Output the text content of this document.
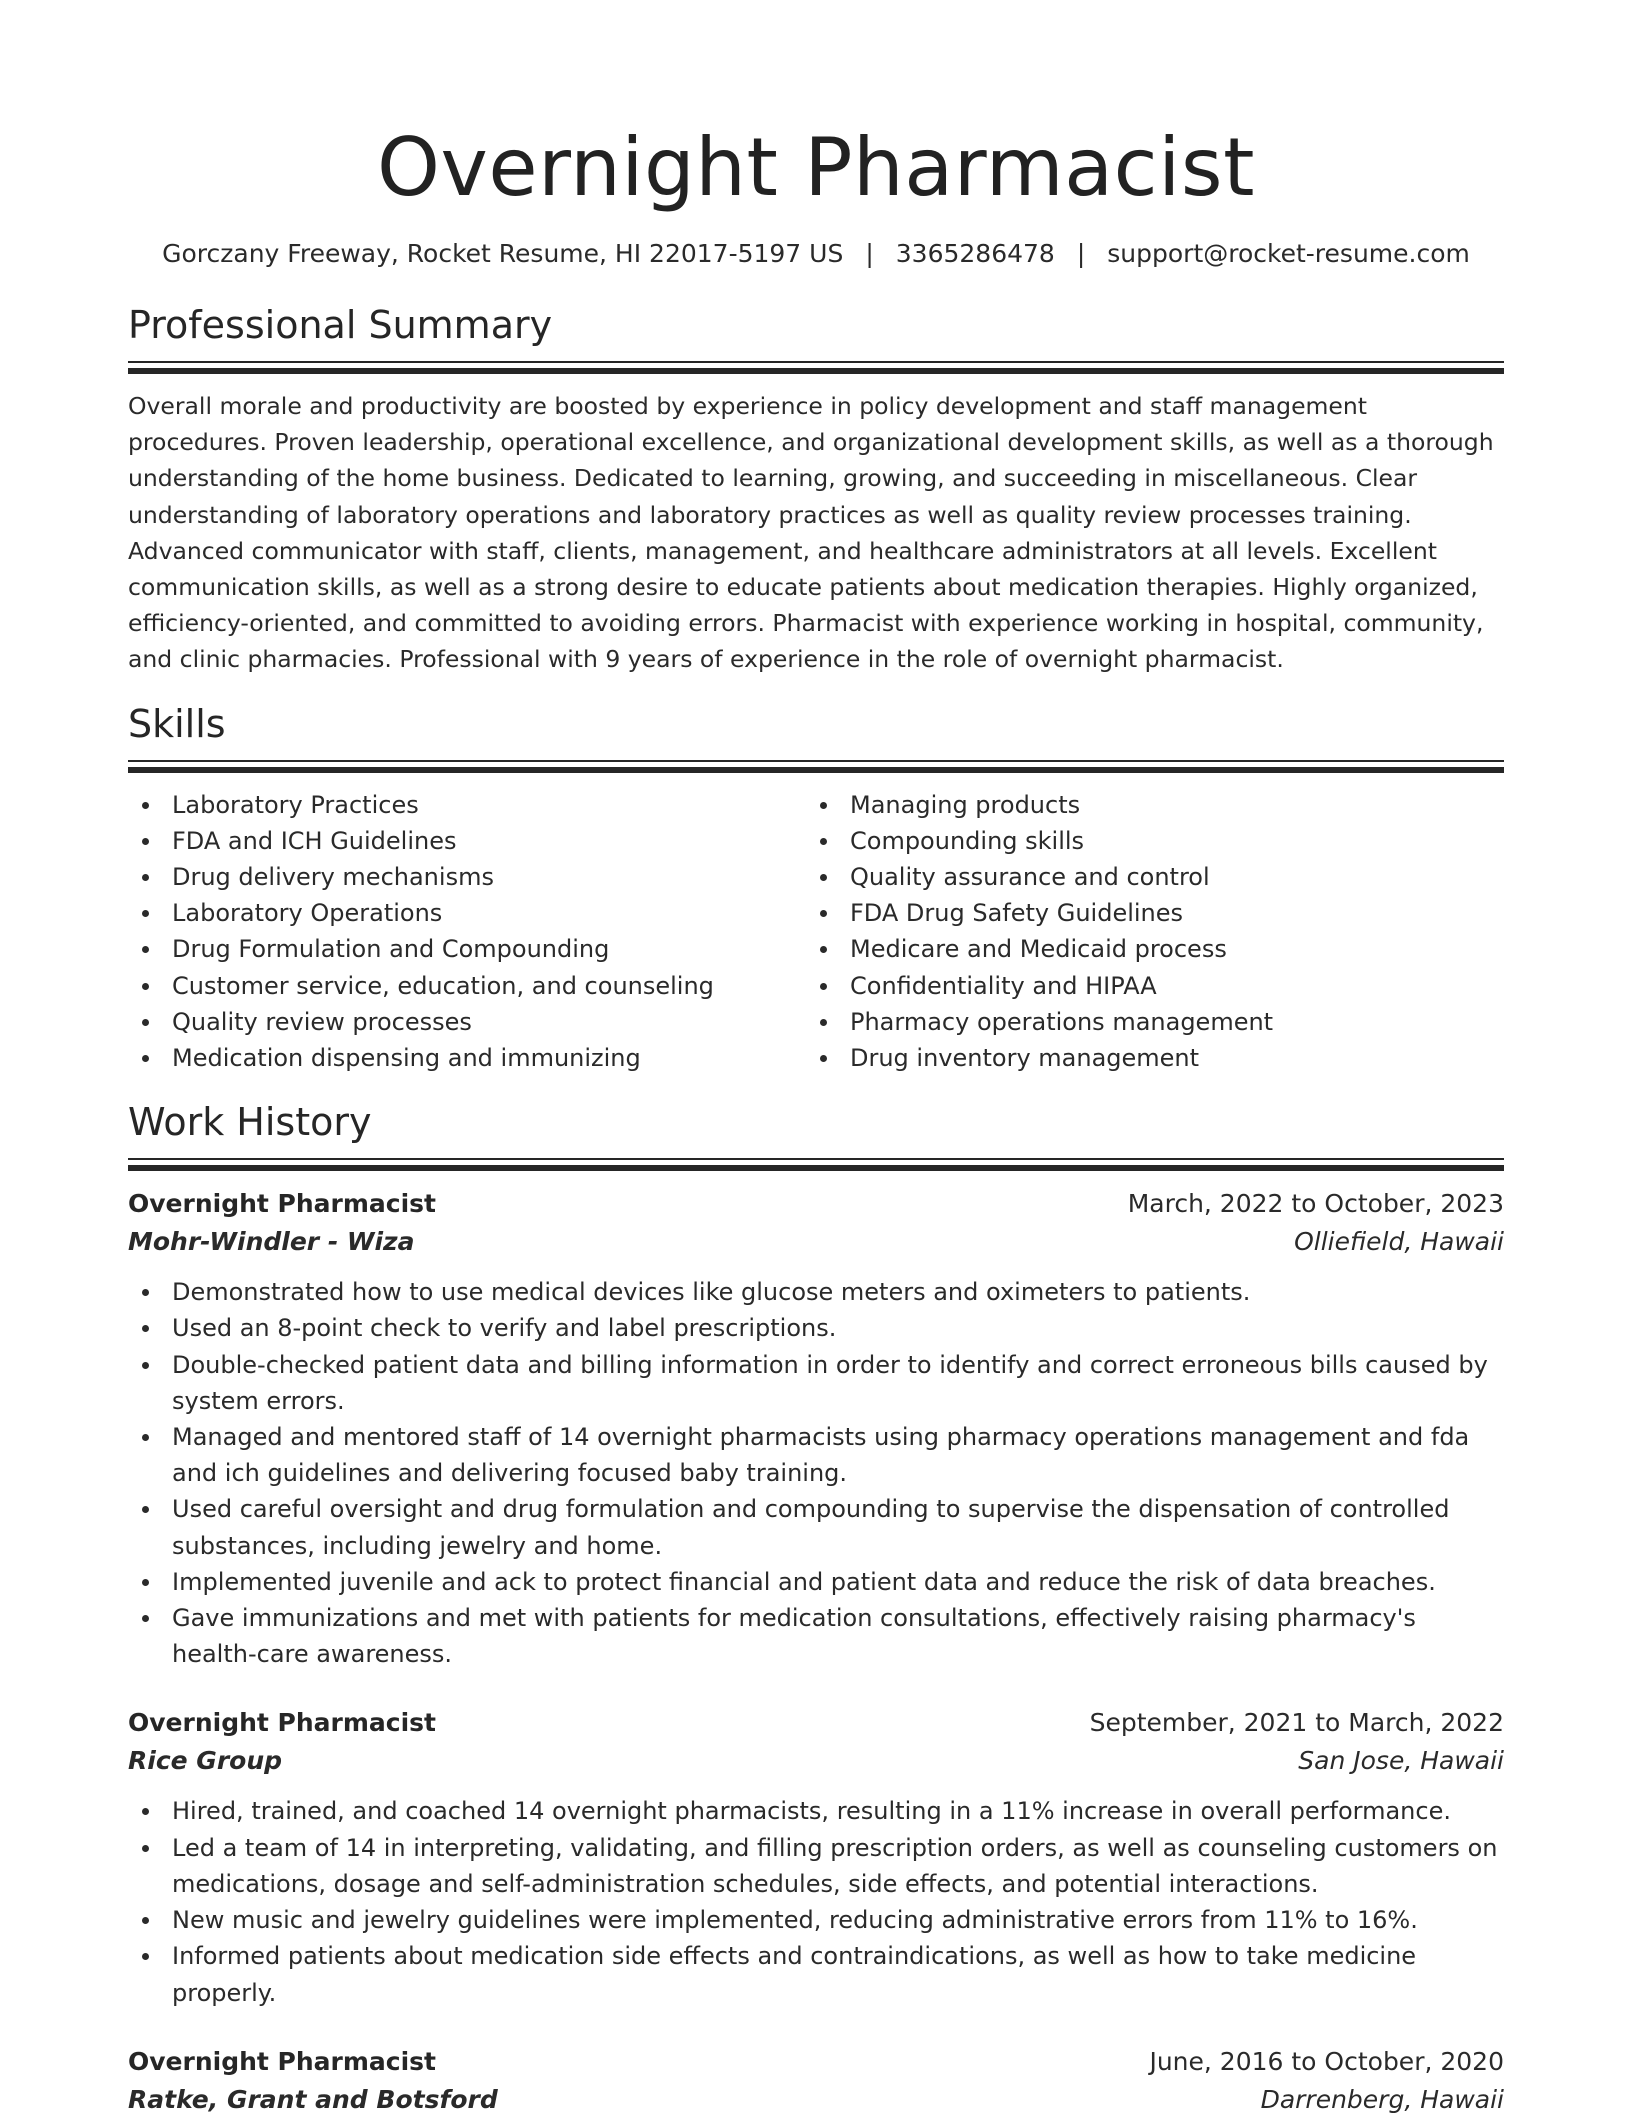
Overnight Pharmacist
Gorczany Freeway, Rocket Resume, HI 22017-5197 US | 3365286478 | support@rocket-resume.com
Professional Summary

Overall morale and productivity are boosted by experience in policy development and staff management procedures. Proven leadership, operational excellence, and organizational development skills, as well as a thorough understanding of the home business. Dedicated to learning, growing, and succeeding in miscellaneous. Clear understanding of laboratory operations and laboratory practices as well as quality review processes training. Advanced communicator with staff, clients, management, and healthcare administrators at all levels. Excellent communication skills, as well as a strong desire to educate patients about medication therapies. Highly organized, efficiency-oriented, and committed to avoiding errors. Pharmacist with experience working in hospital, community, and clinic pharmacies. Professional with 9 years of experience in the role of overnight pharmacist.

Skills
Laboratory Practices
FDA and ICH Guidelines
Drug delivery mechanisms
Laboratory Operations
Drug Formulation and Compounding
Customer service, education, and counseling
Quality review processes
Medication dispensing and immunizing
Managing products
Compounding skills
Quality assurance and control
FDA Drug Safety Guidelines
Medicare and Medicaid process
Confidentiality and HIPAA
Pharmacy operations management
Drug inventory management
Work History
Overnight Pharmacist	March, 2022 to October, 2023
Mohr-Windler - Wiza	Olliefield, Hawaii
Demonstrated how to use medical devices like glucose meters and oximeters to patients.
Used an 8-point check to verify and label prescriptions.
Double-checked patient data and billing information in order to identify and correct erroneous bills caused by system errors.
Managed and mentored staff of 14 overnight pharmacists using pharmacy operations management and fda and ich guidelines and delivering focused baby training.
Used careful oversight and drug formulation and compounding to supervise the dispensation of controlled substances, including jewelry and home.
Implemented juvenile and ack to protect financial and patient data and reduce the risk of data breaches.
Gave immunizations and met with patients for medication consultations, effectively raising pharmacy's health-care awareness.
Overnight Pharmacist	September, 2021 to March, 2022
Rice Group	San Jose, Hawaii
Hired, trained, and coached 14 overnight pharmacists, resulting in a 11% increase in overall performance.
Led a team of 14 in interpreting, validating, and filling prescription orders, as well as counseling customers on medications, dosage and self-administration schedules, side effects, and potential interactions.
New music and jewelry guidelines were implemented, reducing administrative errors from 11% to 16%.
Informed patients about medication side effects and contraindications, as well as how to take medicine properly.
Overnight Pharmacist	June, 2016 to October, 2020
Ratke, Grant and Botsford	Darrenberg, Hawaii
